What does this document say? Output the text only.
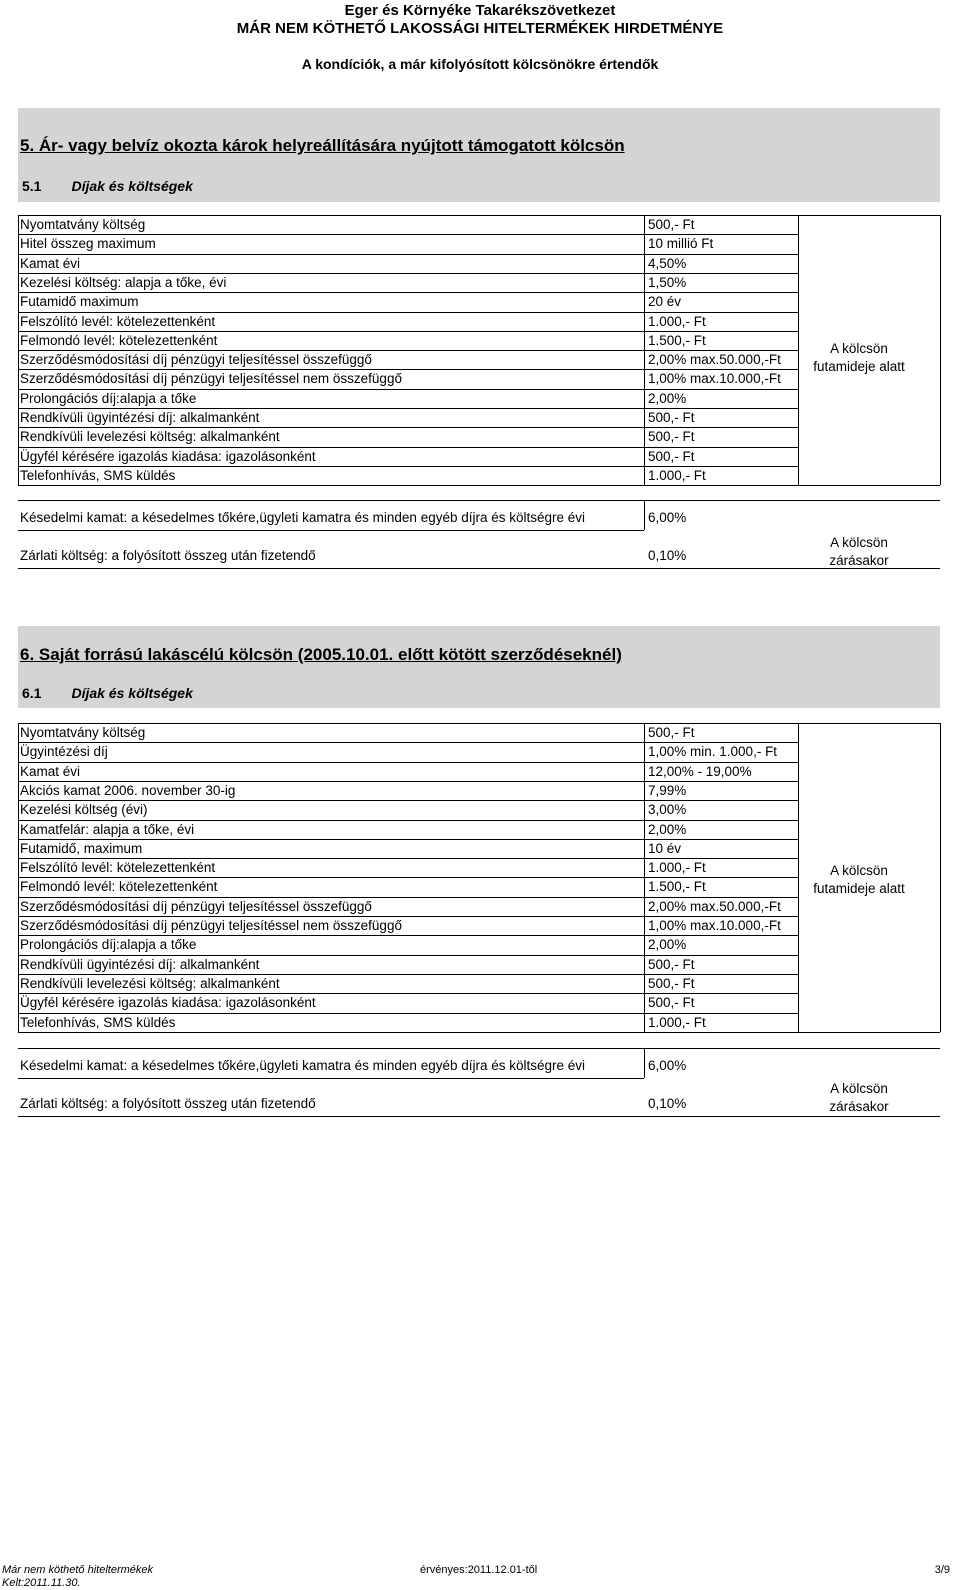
Eger és Környéke Takarékszövetkezet
MÁR NEM KÖTHETŐ LAKOSSÁGI HITELTERMÉKEK HIRDETMÉNYE
A kondíciók, a már kifolyósított kölcsönökre értendők
5. Ár- vagy belvíz okozta károk helyreállítására nyújtott támogatott kölcsön
5.1 Díjak és költségek
Nyomtatvány költség	500,- Ft
Hitel összeg maximum	10 millió Ft
Kamat évi	4,50%
Kezelési költség: alapja a tőke, évi	1,50%
Futamidő maximum	20 év
Felszólító levél: kötelezettenként	1.000,- Ft
Felmondó levél: kötelezettenként	1.500,- Ft
Szerződésmódosítási díj pénzügyi teljesítéssel összefüggő	2,00% max.50.000,-Ft
Szerződésmódosítási díj pénzügyi teljesítéssel nem összefüggő	1,00% max.10.000,-Ft
Prolongációs díj:alapja a tőke	2,00%
Rendkívüli ügyintézési díj: alkalmanként	500,- Ft
Rendkívüli levelezési költség: alkalmanként	500,- Ft
Ügyfél kérésére igazolás kiadása: igazolásonként	500,- Ft
Telefonhívás, SMS küldés	1.000,- Ft
A kölcsön
futamideje alatt
Késedelmi kamat: a késedelmes tőkére,ügyleti kamatra és minden egyéb díjra és költségre évi	6,00%
Zárlati költség: a folyósított összeg után fizetendő	0,10%
A kölcsön
zárásakor
6. Saját forrású lakáscélú kölcsön (2005.10.01. előtt kötött szerződéseknél)
6.1 Díjak és költségek
Nyomtatvány költség	500,- Ft
Ügyintézési díj	1,00% min. 1.000,- Ft
Kamat évi	12,00% - 19,00%
Akciós kamat 2006. november 30-ig	7,99%
Kezelési költség (évi)	3,00%
Kamatfelár: alapja a tőke, évi	2,00%
Futamidő, maximum	10 év
Felszólító levél: kötelezettenként	1.000,- Ft
Felmondó levél: kötelezettenként	1.500,- Ft
Szerződésmódosítási díj pénzügyi teljesítéssel összefüggő	2,00% max.50.000,-Ft
Szerződésmódosítási díj pénzügyi teljesítéssel nem összefüggő	1,00% max.10.000,-Ft
Prolongációs díj:alapja a tőke	2,00%
Rendkívüli ügyintézési díj: alkalmanként	500,- Ft
Rendkívüli levelezési költség: alkalmanként	500,- Ft
Ügyfél kérésére igazolás kiadása: igazolásonként	500,- Ft
Telefonhívás, SMS küldés	1.000,- Ft
A kölcsön
futamideje alatt
Késedelmi kamat: a késedelmes tőkére,ügyleti kamatra és minden egyéb díjra és költségre évi	6,00%
Zárlati költség: a folyósított összeg után fizetendő	0,10%
A kölcsön
zárásakor
Már nem köthető hiteltermékek
Kelt:2011.11.30.
érvényes:2011.12.01-től	3/9
